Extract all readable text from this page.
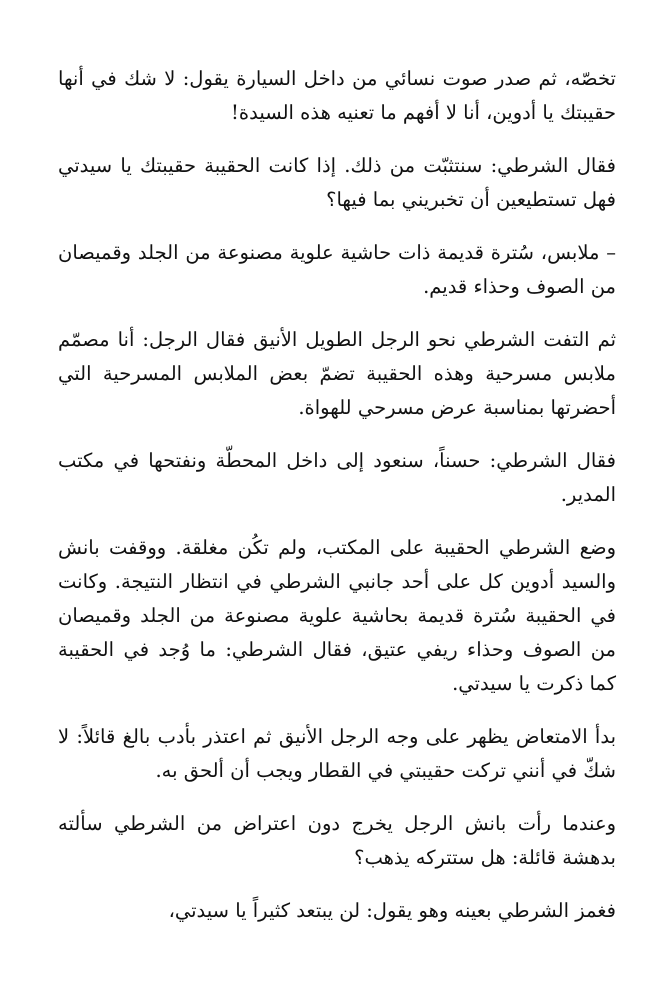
تخصّه، ثم صدر صوت نسائي من داخل السيارة يقول: لا شك في أنها حقيبتك يا أدوين، أنا لا أفهم ما تعنيه هذه السيدة!

فقال الشرطي: سنتثبّت من ذلك. إذا كانت الحقيبة حقيبتك يا سيدتي فهل تستطيعين أن تخبريني بما فيها؟

– ملابس، سُترة قديمة ذات حاشية علوية مصنوعة من الجلد وقميصان من الصوف وحذاء قديم.

ثم التفت الشرطي نحو الرجل الطويل الأنيق فقال الرجل: أنا مصمّم ملابس مسرحية وهذه الحقيبة تضمّ بعض الملابس المسرحية التي أحضرتها بمناسبة عرض مسرحي للهواة.

فقال الشرطي: حسناً، سنعود إلى داخل المحطّة ونفتحها في مكتب المدير.

وضع الشرطي الحقيبة على المكتب، ولم تكُن مغلقة. ووقفت بانش والسيد أدوين كل على أحد جانبي الشرطي في انتظار النتيجة. وكانت في الحقيبة سُترة قديمة بحاشية علوية مصنوعة من الجلد وقميصان من الصوف وحذاء ريفي عتيق، فقال الشرطي: ما وُجد في الحقيبة كما ذكرت يا سيدتي.

بدأ الامتعاض يظهر على وجه الرجل الأنيق ثم اعتذر بأدب بالغ قائلاً: لا شكّ في أنني تركت حقيبتي في القطار ويجب أن ألحق به.

وعندما رأت بانش الرجل يخرج دون اعتراض من الشرطي سألته بدهشة قائلة: هل ستتركه يذهب؟

فغمز الشرطي بعينه وهو يقول: لن يبتعد كثيراً يا سيدتي،
